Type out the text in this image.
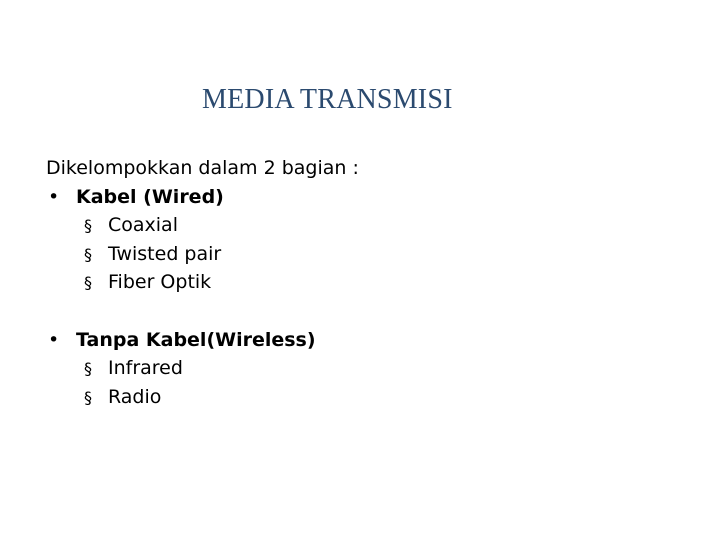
MEDIA TRANSMISI
Dikelompokkan dalam 2 bagian :
• Kabel (Wired)
§ Coaxial
§ Twisted pair
§ Fiber Optik
• Tanpa Kabel(Wireless)
§ Infrared
§ Radio
